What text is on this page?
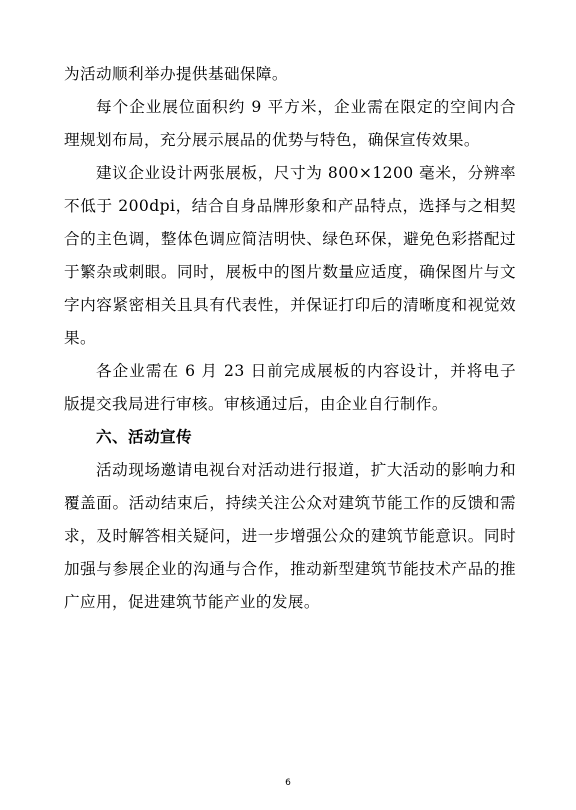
为活动顺利举办提供基础保障。

每个企业展位面积约 9 平方米，企业需在限定的空间内合理规划布局，充分展示展品的优势与特色，确保宣传效果。

建议企业设计两张展板，尺寸为 800×1200 毫米，分辨率不低于 200dpi，结合自身品牌形象和产品特点，选择与之相契合的主色调，整体色调应简洁明快、绿色环保，避免色彩搭配过于繁杂或刺眼。同时，展板中的图片数量应适度，确保图片与文字内容紧密相关且具有代表性，并保证打印后的清晰度和视觉效果。

各企业需在 6 月 23 日前完成展板的内容设计，并将电子版提交我局进行审核。审核通过后，由企业自行制作。

六、活动宣传

活动现场邀请电视台对活动进行报道，扩大活动的影响力和覆盖面。活动结束后，持续关注公众对建筑节能工作的反馈和需求，及时解答相关疑问，进一步增强公众的建筑节能意识。同时加强与参展企业的沟通与合作，推动新型建筑节能技术产品的推广应用，促进建筑节能产业的发展。

6
